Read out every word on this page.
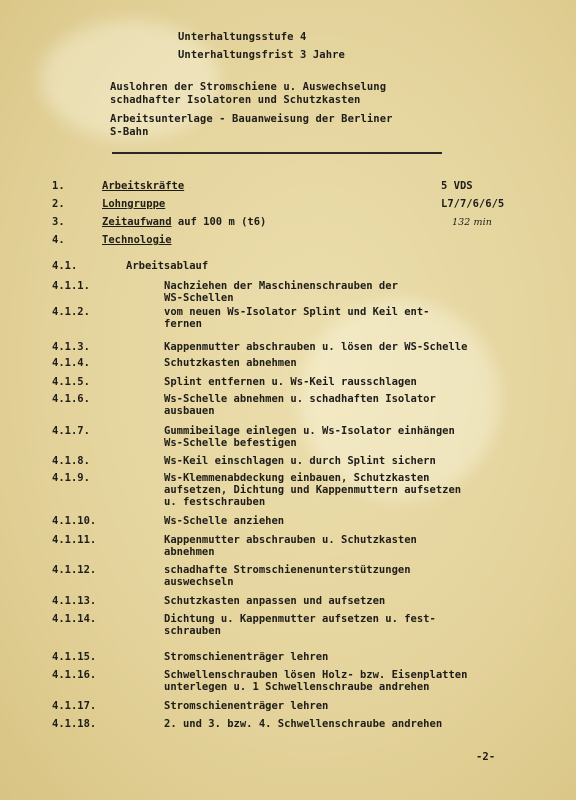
Unterhaltungsstufe 4
Unterhaltungsfrist 3 Jahre
Auslohren der Stromschiene u. Auswechselung
schadhafter Isolatoren und Schutzkasten
Arbeitsunterlage - Bauanweisung der Berliner
S-Bahn
1.	Arbeitskräfte	5 VDS
2.	Lohngruppe	L7/7/6/6/5
3.	Zeitaufwand auf 100 m (t6)	132 min
4.	Technologie
4.1.	Arbeitsablauf
4.1.1.	Nachziehen der Maschinenschrauben der
WS-Schellen
4.1.2.	vom neuen Ws-Isolator Splint und Keil ent-
fernen
4.1.3.	Kappenmutter abschrauben u. lösen der WS-Schelle
4.1.4.	Schutzkasten abnehmen
4.1.5.	Splint entfernen u. Ws-Keil rausschlagen
4.1.6.	Ws-Schelle abnehmen u. schadhaften Isolator
ausbauen
4.1.7.	Gummibeilage einlegen u. Ws-Isolator einhängen
Ws-Schelle befestigen
4.1.8.	Ws-Keil einschlagen u. durch Splint sichern
4.1.9.	Ws-Klemmenabdeckung einbauen, Schutzkasten
aufsetzen, Dichtung und Kappenmuttern aufsetzen
u. festschrauben
4.1.10.	Ws-Schelle anziehen
4.1.11.	Kappenmutter abschrauben u. Schutzkasten
abnehmen
4.1.12.	schadhafte Stromschienenunterstützungen
auswechseln
4.1.13.	Schutzkasten anpassen und aufsetzen
4.1.14.	Dichtung u. Kappenmutter aufsetzen u. fest-
schrauben
4.1.15.	Stromschienenträger lehren
4.1.16.	Schwellenschrauben lösen Holz- bzw. Eisenplatten
unterlegen u. 1 Schwellenschraube andrehen
4.1.17.	Stromschienenträger lehren
4.1.18.	2. und 3. bzw. 4. Schwellenschraube andrehen
-2-
